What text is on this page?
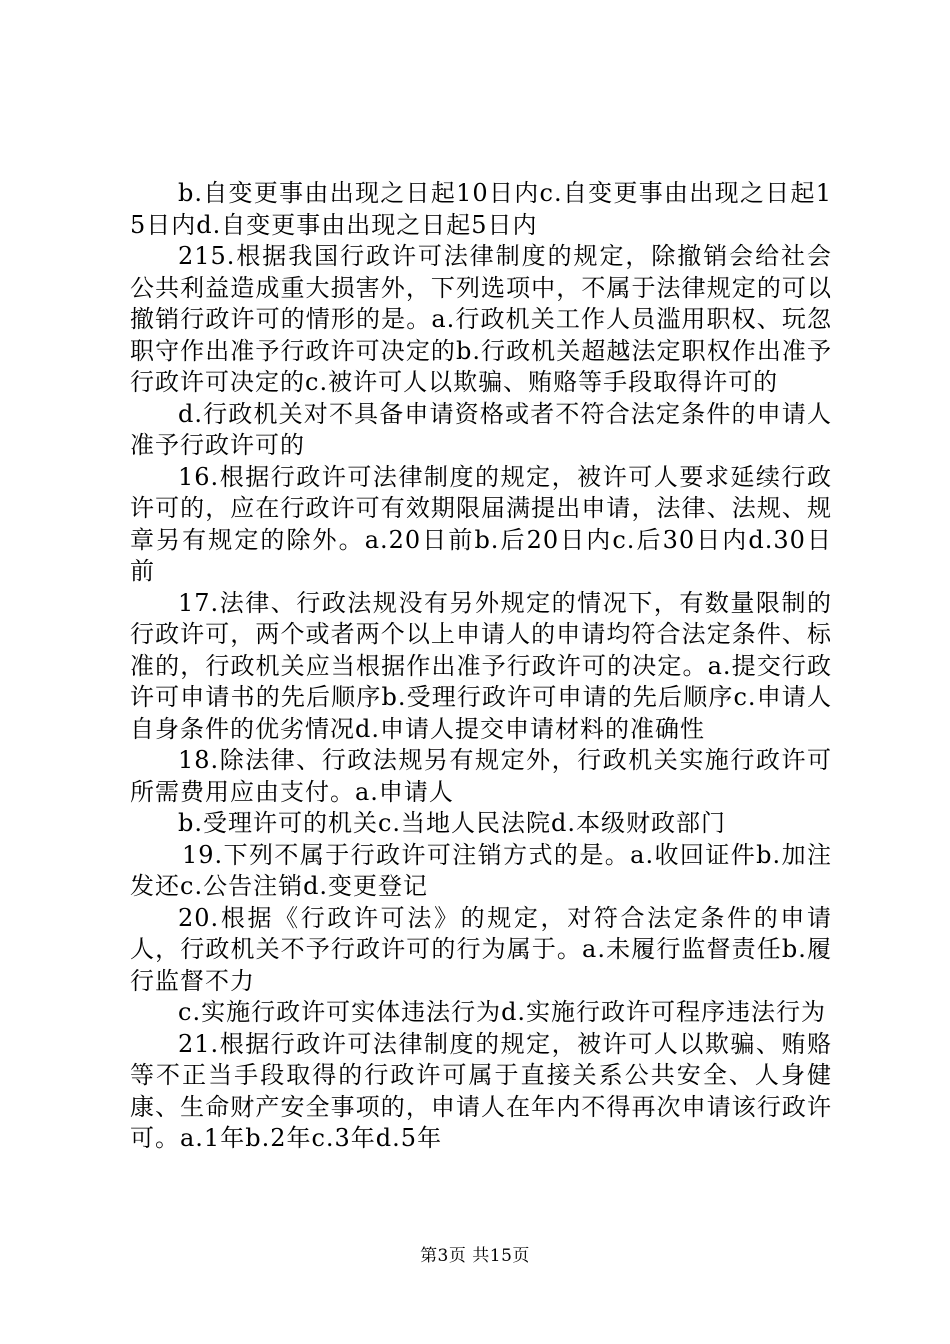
b.自变更事由出现之日起10日内c.自变更事由出现之日起15日内d.自变更事由出现之日起5日内

215.根据我国行政许可法律制度的规定，除撤销会给社会公共利益造成重大损害外，下列选项中，不属于法律规定的可以撤销行政许可的情形的是。a.行政机关工作人员滥用职权、玩忽职守作出准予行政许可决定的b.行政机关超越法定职权作出准予行政许可决定的c.被许可人以欺骗、贿赂等手段取得许可的

d.行政机关对不具备申请资格或者不符合法定条件的申请人准予行政许可的

16.根据行政许可法律制度的规定，被许可人要求延续行政许可的，应在行政许可有效期限届满提出申请，法律、法规、规章另有规定的除外。a.20日前b.后20日内c.后30日内d.30日前

17.法律、行政法规没有另外规定的情况下，有数量限制的行政许可，两个或者两个以上申请人的申请均符合法定条件、标准的，行政机关应当根据作出准予行政许可的决定。a.提交行政许可申请书的先后顺序b.受理行政许可申请的先后顺序c.申请人自身条件的优劣情况d.申请人提交申请材料的准确性

18.除法律、行政法规另有规定外，行政机关实施行政许可所需费用应由支付。a.申请人

b.受理许可的机关c.当地人民法院d.本级财政部门

19.下列不属于行政许可注销方式的是。a.收回证件b.加注发还c.公告注销d.变更登记

20.根据《行政许可法》的规定，对符合法定条件的申请人，行政机关不予行政许可的行为属于。a.未履行监督责任b.履行监督不力

c.实施行政许可实体违法行为d.实施行政许可程序违法行为

21.根据行政许可法律制度的规定，被许可人以欺骗、贿赂等不正当手段取得的行政许可属于直接关系公共安全、人身健康、生命财产安全事项的，申请人在年内不得再次申请该行政许可。a.1年b.2年c.3年d.5年

第3页 共15页
